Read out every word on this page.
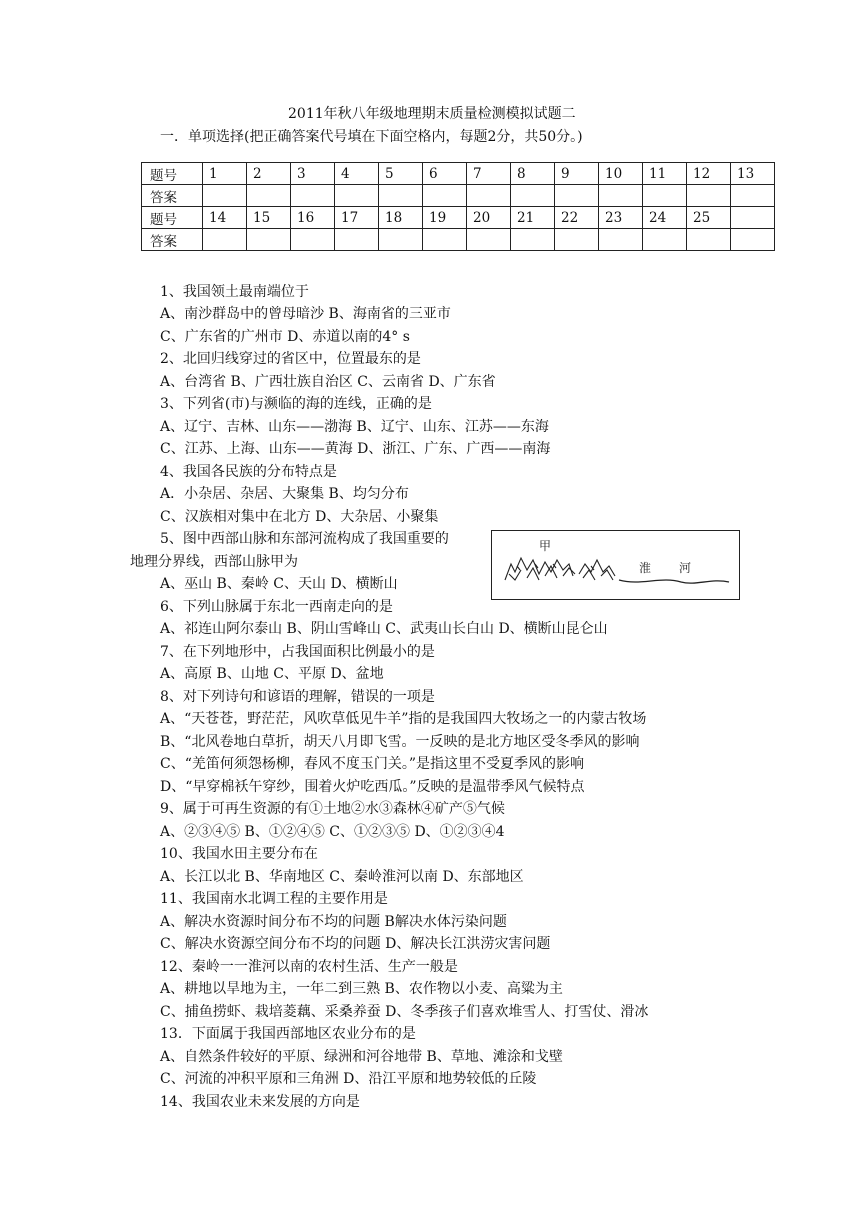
2011年秋八年级地理期末质量检测模拟试题二
一．单项选择(把正确答案代号填在下面空格内，每题2分，共50分。)
题号	1	2	3	4	5	6	7	8	9	10	11	12	13
答案													
题号	14	15	16	17	18	19	20	21	22	23	24	25	
答案													
1、我国领土最南端位于
A、南沙群岛中的曾母暗沙 B、海南省的三亚市
C、广东省的广州市 D、赤道以南的4° s
2、北回归线穿过的省区中，位置最东的是
A、台湾省 B、广西壮族自治区 C、云南省 D、广东省
3、下列省(市)与濒临的海的连线，正确的是
A、辽宁、吉林、山东——渤海 B、辽宁、山东、江苏——东海
C、江苏、上海、山东——黄海 D、浙江、广东、广西——南海
4、我国各民族的分布特点是
A．小杂居、杂居、大聚集 B、均匀分布
C、汉族相对集中在北方 D、大杂居、小聚集
5、图中西部山脉和东部河流构成了我国重要的
地理分界线，西部山脉甲为
A、巫山 B、秦岭 C、天山 D、横断山
6、下列山脉属于东北一西南走向的是
A、祁连山阿尔泰山 B、阴山雪峰山 C、武夷山长白山 D、横断山昆仑山
7、在下列地形中，占我国面积比例最小的是
A、高原 B、山地 C、平原 D、盆地
8、对下列诗句和谚语的理解，错误的一项是
A、“天苍苍，野茫茫，风吹草低见牛羊”指的是我国四大牧场之一的内蒙古牧场
B、“北风卷地白草折，胡天八月即飞雪。一反映的是北方地区受冬季风的影响
C、“羌笛何须怨杨柳，春风不度玉门关。”是指这里不受夏季风的影响
D、“早穿棉袄午穿纱，围着火炉吃西瓜。”反映的是温带季风气候特点
9、属于可再生资源的有①土地②水③森林④矿产⑤气候
A、②③④⑤ B、①②④⑤ C、①②③⑤ D、①②③④4
10、我国水田主要分布在
A、长江以北 B、华南地区 C、秦岭淮河以南 D、东部地区
11、我国南水北调工程的主要作用是
A、解决水资源时间分布不均的问题 B解决水体污染问题
C、解决水资源空间分布不均的问题 D、解决长江洪涝灾害问题
12、秦岭一一淮河以南的农村生活、生产一般是
A、耕地以旱地为主，一年二到三熟 B、农作物以小麦、高粱为主
C、捕鱼捞虾、栽培菱藕、采桑养蚕 D、冬季孩子们喜欢堆雪人、打雪仗、滑冰
13．下面属于我国西部地区农业分布的是
A、自然条件较好的平原、绿洲和河谷地带 B、草地、滩涂和戈壁
C、河流的冲积平原和三角洲 D、沿江平原和地势较低的丘陵
14、我国农业未来发展的方向是
甲
淮 河
